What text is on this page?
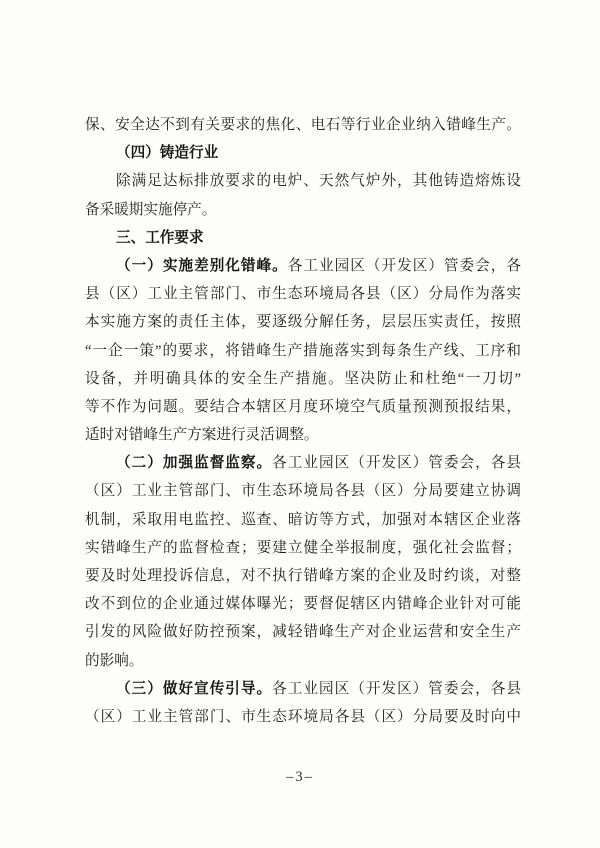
保、安全达不到有关要求的焦化、电石等行业企业纳入错峰生产。
（四）铸造行业
除满足达标排放要求的电炉、天然气炉外，其他铸造熔炼设
备采暖期实施停产。
三、工作要求
（一）实施差别化错峰。各工业园区（开发区）管委会，各
县（区）工业主管部门、市生态环境局各县（区）分局作为落实
本实施方案的责任主体，要逐级分解任务，层层压实责任，按照
“一企一策”的要求，将错峰生产措施落实到每条生产线、工序和
设备，并明确具体的安全生产措施。坚决防止和杜绝“一刀切”
等不作为问题。要结合本辖区月度环境空气质量预测预报结果，
适时对错峰生产方案进行灵活调整。
（二）加强监督监察。各工业园区（开发区）管委会，各县
（区）工业主管部门、市生态环境局各县（区）分局要建立协调
机制，采取用电监控、巡查、暗访等方式，加强对本辖区企业落
实错峰生产的监督检查；要建立健全举报制度，强化社会监督；
要及时处理投诉信息，对不执行错峰方案的企业及时约谈，对整
改不到位的企业通过媒体曝光；要督促辖区内错峰企业针对可能
引发的风险做好防控预案，减轻错峰生产对企业运营和安全生产
的影响。
（三）做好宣传引导。各工业园区（开发区）管委会，各县
（区）工业主管部门、市生态环境局各县（区）分局要及时向中
–3–
